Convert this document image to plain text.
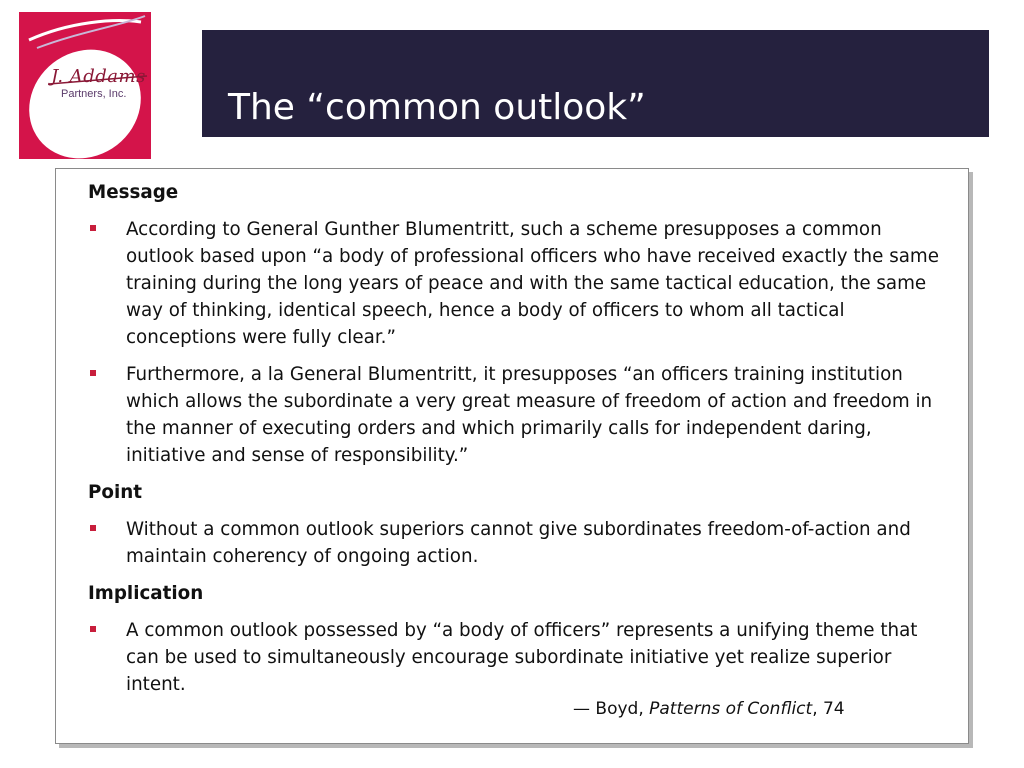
J. Addams
Partners, Inc.	The “common outlook”
Message
According to General Gunther Blumentritt, such a scheme presupposes a common outlook based upon “a body of professional officers who have received exactly the same training during the long years of peace and with the same tactical education, the same way of thinking, identical speech, hence a body of officers to whom all tactical conceptions were fully clear.”
Furthermore, a la General Blumentritt, it presupposes “an officers training institution which allows the subordinate a very great measure of freedom of action and freedom in the manner of executing orders and which primarily calls for independent daring, initiative and sense of responsibility.”
Point
Without a common outlook superiors cannot give subordinates freedom-of-action and maintain coherency of ongoing action.
Implication
A common outlook possessed by “a body of officers” represents a unifying theme that can be used to simultaneously encourage subordinate initiative yet realize superior intent.
— Boyd, Patterns of Conflict, 74
